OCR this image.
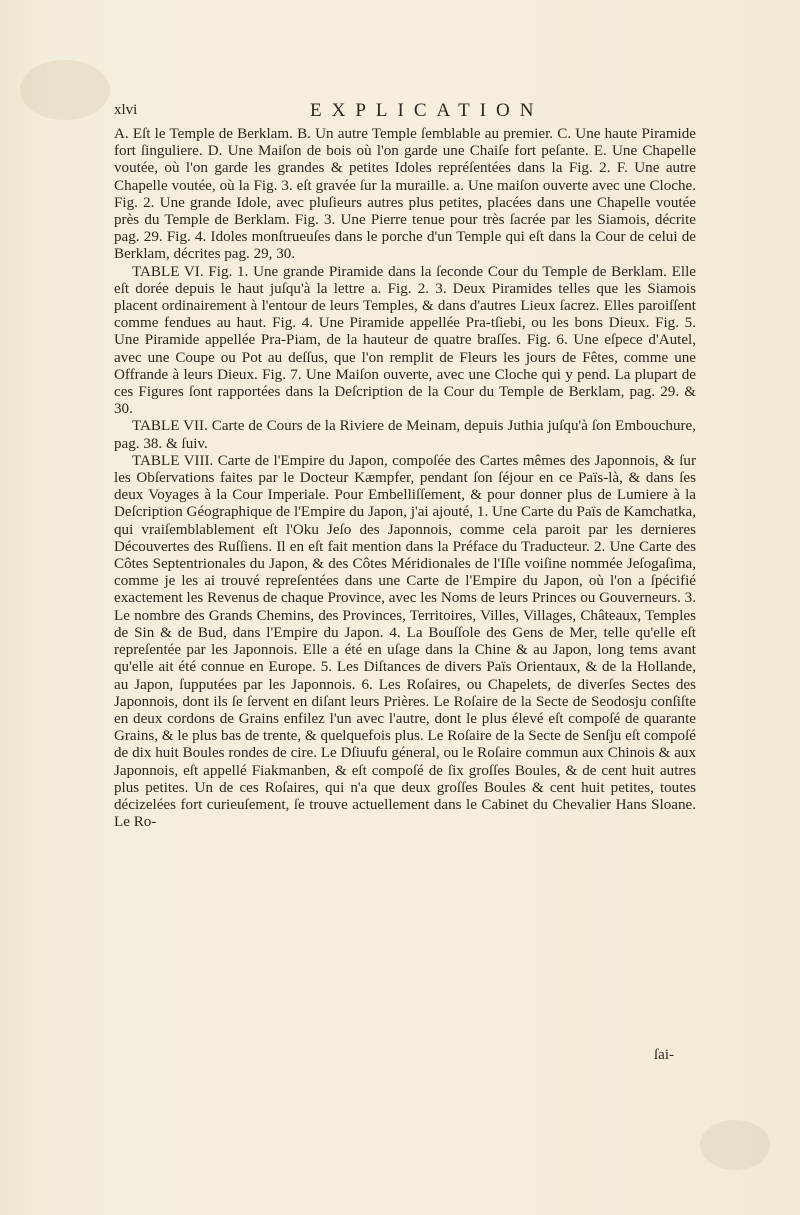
xlvi	EXPLICATION

A. Eſt le Temple de Berklam. B. Un autre Temple ſemblable au premier. C. Une haute Piramide fort ſinguliere. D. Une Maiſon de bois où l'on garde une Chaiſe fort peſante. E. Une Chapelle voutée, où l'on garde les grandes & petites Idoles repréſentées dans la Fig. 2. F. Une autre Chapelle voutée, où la Fig. 3. eſt gravée ſur la muraille. a. Une maiſon ouverte avec une Cloche. Fig. 2. Une grande Idole, avec pluſieurs autres plus petites, placées dans une Chapelle voutée près du Temple de Berklam. Fig. 3. Une Pierre tenue pour très ſacrée par les Siamois, décrite pag. 29. Fig. 4. Idoles monſtrueuſes dans le porche d'un Temple qui eſt dans la Cour de celui de Berklam, décrites pag. 29, 30.

TABLE VI. Fig. 1. Une grande Piramide dans la ſeconde Cour du Temple de Berklam. Elle eſt dorée depuis le haut juſqu'à la lettre a. Fig. 2. 3. Deux Piramides telles que les Siamois placent ordinairement à l'entour de leurs Temples, & dans d'autres Lieux ſacrez. Elles paroiſſent comme fendues au haut. Fig. 4. Une Piramide appellée Pra-tſiebi, ou les bons Dieux. Fig. 5. Une Piramide appellée Pra-Piam, de la hauteur de quatre braſſes. Fig. 6. Une eſpece d'Autel, avec une Coupe ou Pot au deſſus, que l'on remplit de Fleurs les jours de Fêtes, comme une Offrande à leurs Dieux. Fig. 7. Une Maiſon ouverte, avec une Cloche qui y pend. La plupart de ces Figures ſont rapportées dans la Deſcription de la Cour du Temple de Berklam, pag. 29. & 30.

TABLE VII. Carte de Cours de la Riviere de Meinam, depuis Juthia juſqu'à ſon Embouchure, pag. 38. & ſuiv.

TABLE VIII. Carte de l'Empire du Japon, compoſée des Cartes mêmes des Japonnois, & ſur les Obſervations faites par le Docteur Kæmpfer, pendant ſon ſéjour en ce Païs-là, & dans ſes deux Voyages à la Cour Imperiale. Pour Embelliſſement, & pour donner plus de Lumiere à la Deſcription Géographique de l'Empire du Japon, j'ai ajouté, 1. Une Carte du Païs de Kamchatka, qui vraiſemblablement eſt l'Oku Jeſo des Japonnois, comme cela paroit par les dernieres Découvertes des Ruſſiens. Il en eſt fait mention dans la Préface du Traducteur. 2. Une Carte des Côtes Septentrionales du Japon, & des Côtes Méridionales de l'Iſle voiſine nommée Jeſogaſima, comme je les ai trouvé repreſentées dans une Carte de l'Empire du Japon, où l'on a ſpécifié exactement les Revenus de chaque Province, avec les Noms de leurs Princes ou Gouverneurs. 3. Le nombre des Grands Chemins, des Provinces, Territoires, Villes, Villages, Châteaux, Temples de Sin & de Bud, dans l'Empire du Japon. 4. La Bouſſole des Gens de Mer, telle qu'elle eſt repreſentée par les Japonnois. Elle a été en uſage dans la Chine & au Japon, long tems avant qu'elle ait été connue en Europe. 5. Les Diſtances de divers Païs Orientaux, & de la Hollande, au Japon, ſupputées par les Japonnois. 6. Les Roſaires, ou Chapelets, de diverſes Sectes des Japonnois, dont ils ſe ſervent en diſant leurs Prières. Le Roſaire de la Secte de Seodosju conſiſte en deux cordons de Grains enfilez l'un avec l'autre, dont le plus élevé eſt compoſé de quarante Grains, & le plus bas de trente, & quelquefois plus. Le Roſaire de la Secte de Senſju eſt compoſé de dix huit Boules rondes de cire. Le Dſiuufu géneral, ou le Roſaire commun aux Chinois & aux Japonnois, eſt appellé Fiakmanben, & eſt compoſé de ſix groſſes Boules, & de cent huit autres plus petites. Un de ces Roſaires, qui n'a que deux groſſes Boules & cent huit petites, toutes décizelées fort curieuſement, ſe trouve actuellement dans le Cabinet du Chevalier Hans Sloane. Le Ro-

ſai-
